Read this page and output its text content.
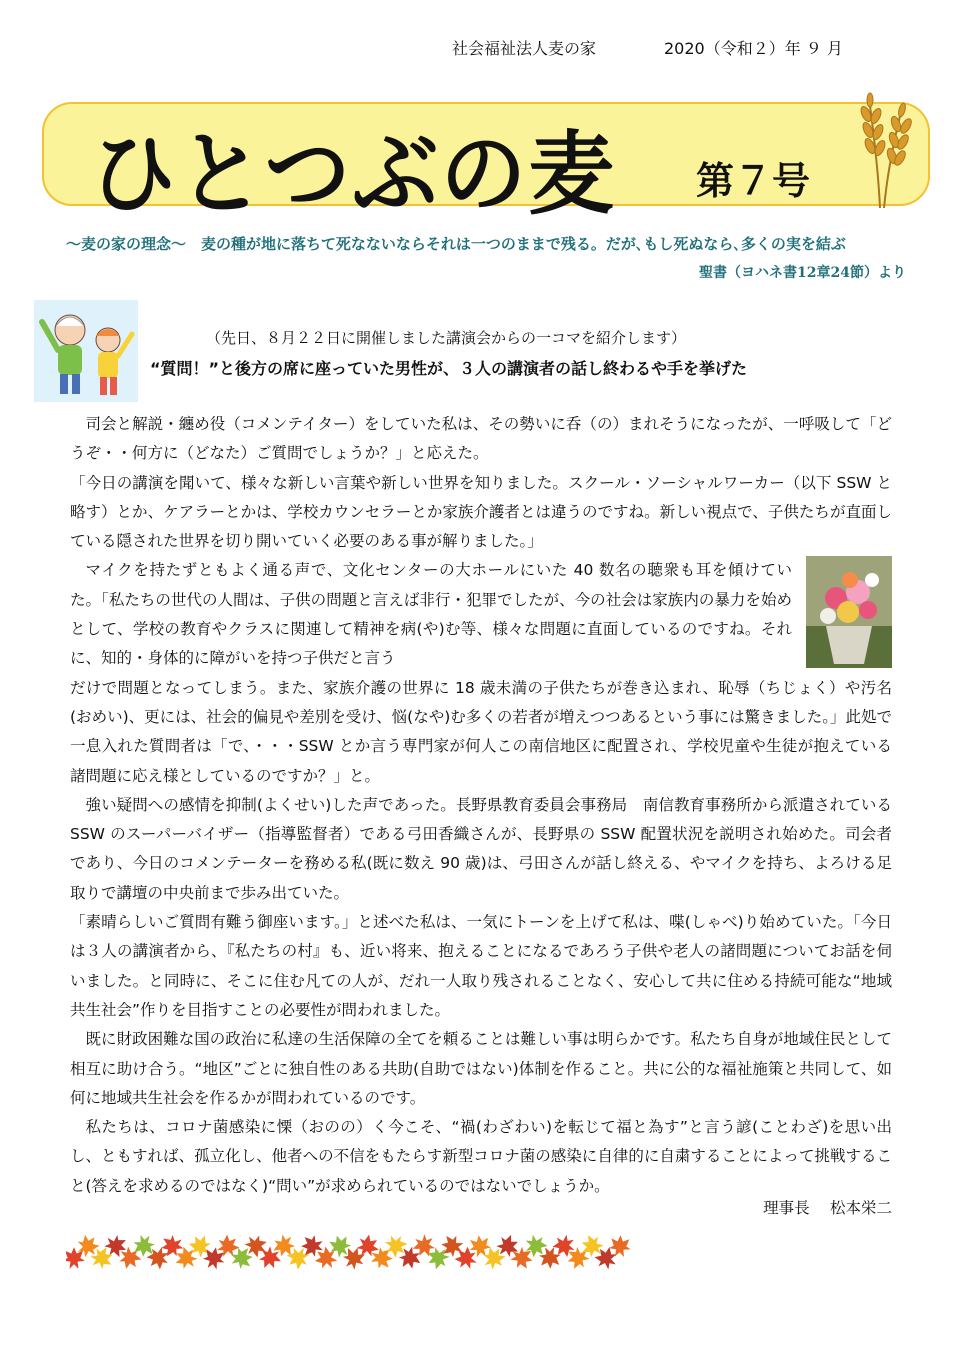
社会福祉法人麦の家	2020（令和２）年 ９ 月
ひとつぶの麦 第７号
～麦の家の理念～　麦の種が地に落ちて死なないならそれは一つのままで残る。だが､もし死ぬなら､多くの実を結ぶ
聖書（ヨハネ書12章24節）より
（先日、８月２２日に開催しました講演会からの一コマを紹介します）
“質問！”と後方の席に座っていた男性が、３人の講演者の話し終わるや手を挙げた

司会と解説・纏め役（コメンテイター）をしていた私は、その勢いに呑（の）まれそうになったが、一呼吸して「どうぞ・・何方に（どなた）ご質問でしょうか？」と応えた。

「今日の講演を聞いて、様々な新しい言葉や新しい世界を知りました。スクール・ソーシャルワーカー（以下 SSW と略す）とか、ケアラーとかは、学校カウンセラーとか家族介護者とは違うのですね。新しい視点で、子供たちが直面している隠された世界を切り開いていく必要のある事が解りました。」

マイクを持たずともよく通る声で、文化センターの大ホールにいた 40 数名の聴衆も耳を傾けていた。「私たちの世代の人間は、子供の問題と言えば非行・犯罪でしたが、今の社会は家族内の暴力を始めとして、学校の教育やクラスに関連して精神を病(や)む等、様々な問題に直面しているのですね。それに、知的・身体的に障がいを持つ子供だと言う

だけで問題となってしまう。また、家族介護の世界に 18 歳未満の子供たちが巻き込まれ、恥辱（ちじょく）や汚名(おめい)、更には、社会的偏見や差別を受け、悩(なや)む多くの若者が増えつつあるという事には驚きました。」此処で一息入れた質問者は「で、・・・SSW とか言う専門家が何人この南信地区に配置され、学校児童や生徒が抱えている諸問題に応え様としているのですか？」と。

強い疑問への感情を抑制(よくせい)した声であった。長野県教育委員会事務局　南信教育事務所から派遣されている SSW のスーパーバイザー（指導監督者）である弓田香織さんが、長野県の SSW 配置状況を説明され始めた。司会者であり、今日のコメンテーターを務める私(既に数え 90 歳)は、弓田さんが話し終える、やマイクを持ち、よろける足取りで講壇の中央前まで歩み出ていた。

「素晴らしいご質問有難う御座います。」と述べた私は、一気にトーンを上げて私は、喋(しゃべ)り始めていた。「今日は３人の講演者から、『私たちの村』も、近い将来、抱えることになるであろう子供や老人の諸問題についてお話を伺いました。と同時に、そこに住む凡ての人が、だれ一人取り残されることなく、安心して共に住める持続可能な“地域共生社会”作りを目指すことの必要性が問われました。

既に財政困難な国の政治に私達の生活保障の全てを頼ることは難しい事は明らかです。私たち自身が地域住民として相互に助け合う。“地区”ごとに独自性のある共助(自助ではない)体制を作ること。共に公的な福祉施策と共同して、如何に地域共生社会を作るかが問われているのです。

私たちは、コロナ菌感染に慄（おのの）く今こそ、“禍(わざわい)を転じて福と為す”と言う諺(ことわざ)を思い出し、ともすれば、孤立化し、他者への不信をもたらす新型コロナ菌の感染に自律的に自粛することによって挑戦すること(答えを求めるのではなく)“問い”が求められているのではないでしょうか。

理事長　 松本栄二
